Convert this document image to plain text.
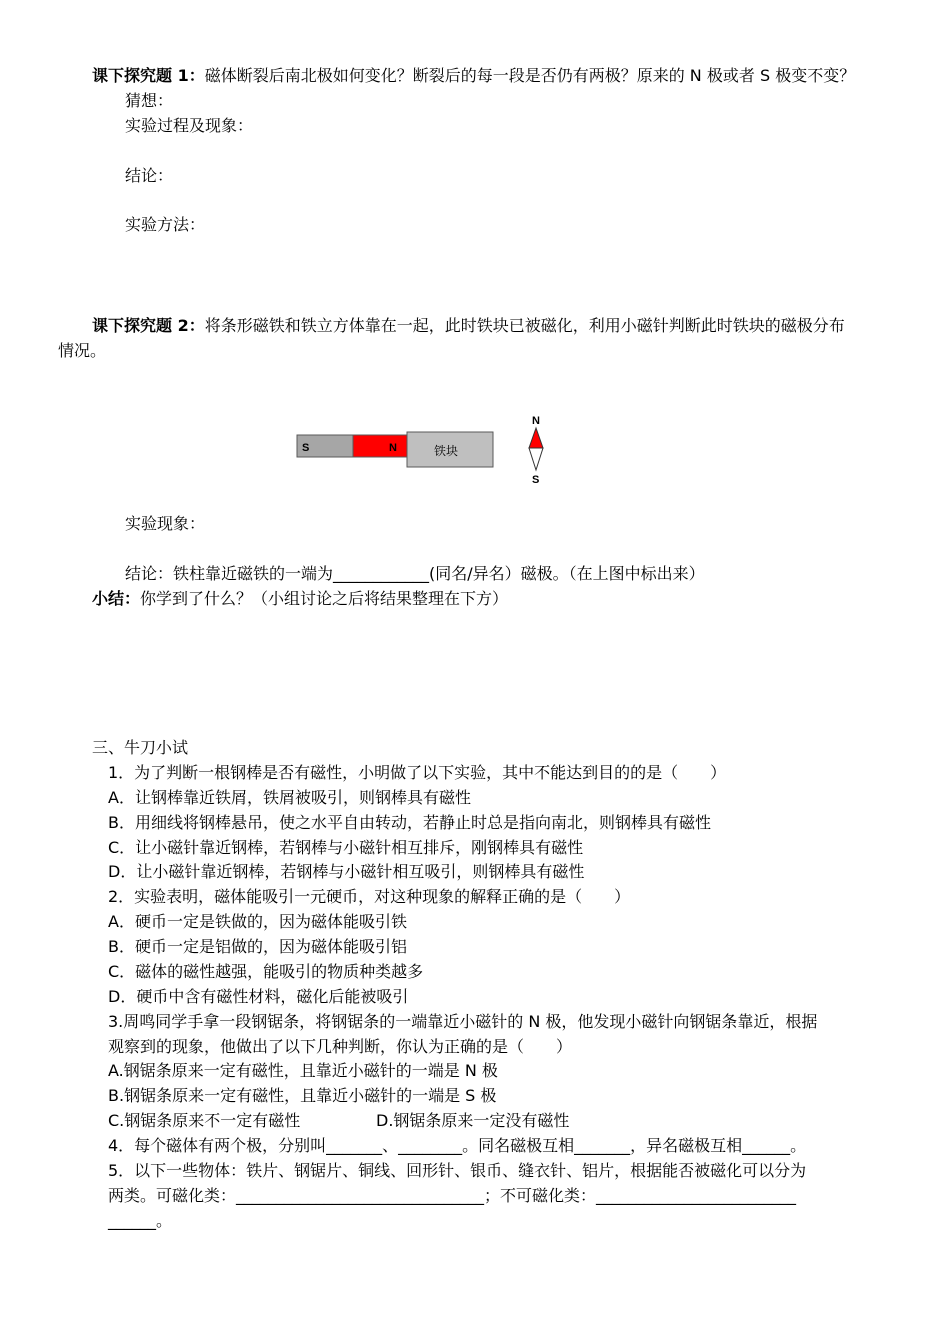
课下探究题 1：磁体断裂后南北极如何变化？断裂后的每一段是否仍有两极？原来的 N 极或者 S 极变不变？
猜想：
实验过程及现象：
结论：
实验方法：
课下探究题 2：将条形磁铁和铁立方体靠在一起，此时铁块已被磁化，利用小磁针判断此时铁块的磁极分布
情况。
S	N	铁块
N
S
实验现象：
结论：铁柱靠近磁铁的一端为____________(同名/异名）磁极。（在上图中标出来）
小结：你学到了什么？（小组讨论之后将结果整理在下方）
三、牛刀小试
1．为了判断一根钢棒是否有磁性，小明做了以下实验，其中不能达到目的的是（　　）
A．让钢棒靠近铁屑，铁屑被吸引，则钢棒具有磁性
B．用细线将钢棒悬吊，使之水平自由转动，若静止时总是指向南北，则钢棒具有磁性
C．让小磁针靠近钢棒，若钢棒与小磁针相互排斥，刚钢棒具有磁性
D．让小磁针靠近钢棒，若钢棒与小磁针相互吸引，则钢棒具有磁性
2．实验表明，磁体能吸引一元硬币，对这种现象的解释正确的是（　　）
A．硬币一定是铁做的，因为磁体能吸引铁
B．硬币一定是铝做的，因为磁体能吸引铝
C．磁体的磁性越强，能吸引的物质种类越多
D．硬币中含有磁性材料，磁化后能被吸引
3.周鸣同学手拿一段钢锯条，将钢锯条的一端靠近小磁针的 N 极，他发现小磁针向钢锯条靠近，根据
观察到的现象，他做出了以下几种判断，你认为正确的是（　　）
A.钢锯条原来一定有磁性，且靠近小磁针的一端是 N 极
B.钢锯条原来一定有磁性，且靠近小磁针的一端是 S 极
C.钢锯条原来不一定有磁性	D.钢锯条原来一定没有磁性
4．每个磁体有两个极，分别叫_______、________。同名磁极互相_______，异名磁极互相______。
5．以下一些物体：铁片、钢锯片、铜线、回形针、银币、缝衣针、铝片，根据能否被磁化可以分为
两类。可磁化类：_______________________________；不可磁化类：_________________________
______。
